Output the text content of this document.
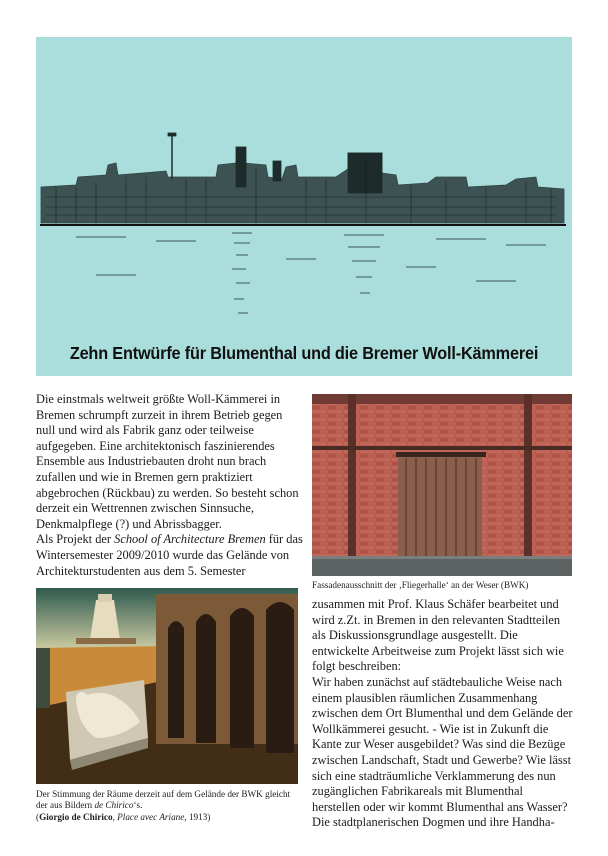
Zehn Entwürfe für Blumenthal und die Bremer Woll-Kämmerei

Die einstmals weltweit größte Woll-Kämmerei in Bremen schrumpft zurzeit in ihrem Betrieb gegen null und wird als Fabrik ganz oder teilweise aufgegeben. Eine architektonisch faszinierendes Ensemble aus Industriebauten droht nun brach zufallen und wie in Bremen gern praktiziert abgebrochen (Rückbau) zu werden. So besteht schon derzeit ein Wettrennen zwischen Sinnsuche, Denkmalpflege (?) und Abrissbagger.

Als Projekt der School of Architecture Bremen für das Wintersemester 2009/2010 wurde das Gelände von Architekturstudenten aus dem 5. Semester

Fassadenausschnitt der ‚Fliegerhalle‘ an der Weser (BWK)
Der Stimmung der Räume derzeit auf dem Gelände der BWK gleicht der aus Bildern de Chirico‘s.
(Giorgio de Chirico, Place avec Ariane, 1913)

zusammen mit Prof. Klaus Schäfer bearbeitet und wird z.Zt. in Bremen in den relevanten Stadtteilen als Diskussionsgrundlage ausgestellt. Die entwickelte Arbeitweise zum Projekt lässt sich wie folgt beschreiben:

Wir haben zunächst auf städtebauliche Weise nach einem plausiblen räumlichen Zusammenhang zwischen dem Ort Blumenthal und dem Gelände der Wollkämmerei gesucht. - Wie ist in Zukunft die Kante zur Weser ausgebildet? Was sind die Bezüge zwischen Landschaft, Stadt und Gewerbe? Wie lässt sich eine stadträumliche Verklammerung des nun zugänglichen Fabrikareals mit Blumenthal herstellen oder wir kommt Blumenthal ans Wasser?

Die stadtplanerischen Dogmen und ihre Handha-
